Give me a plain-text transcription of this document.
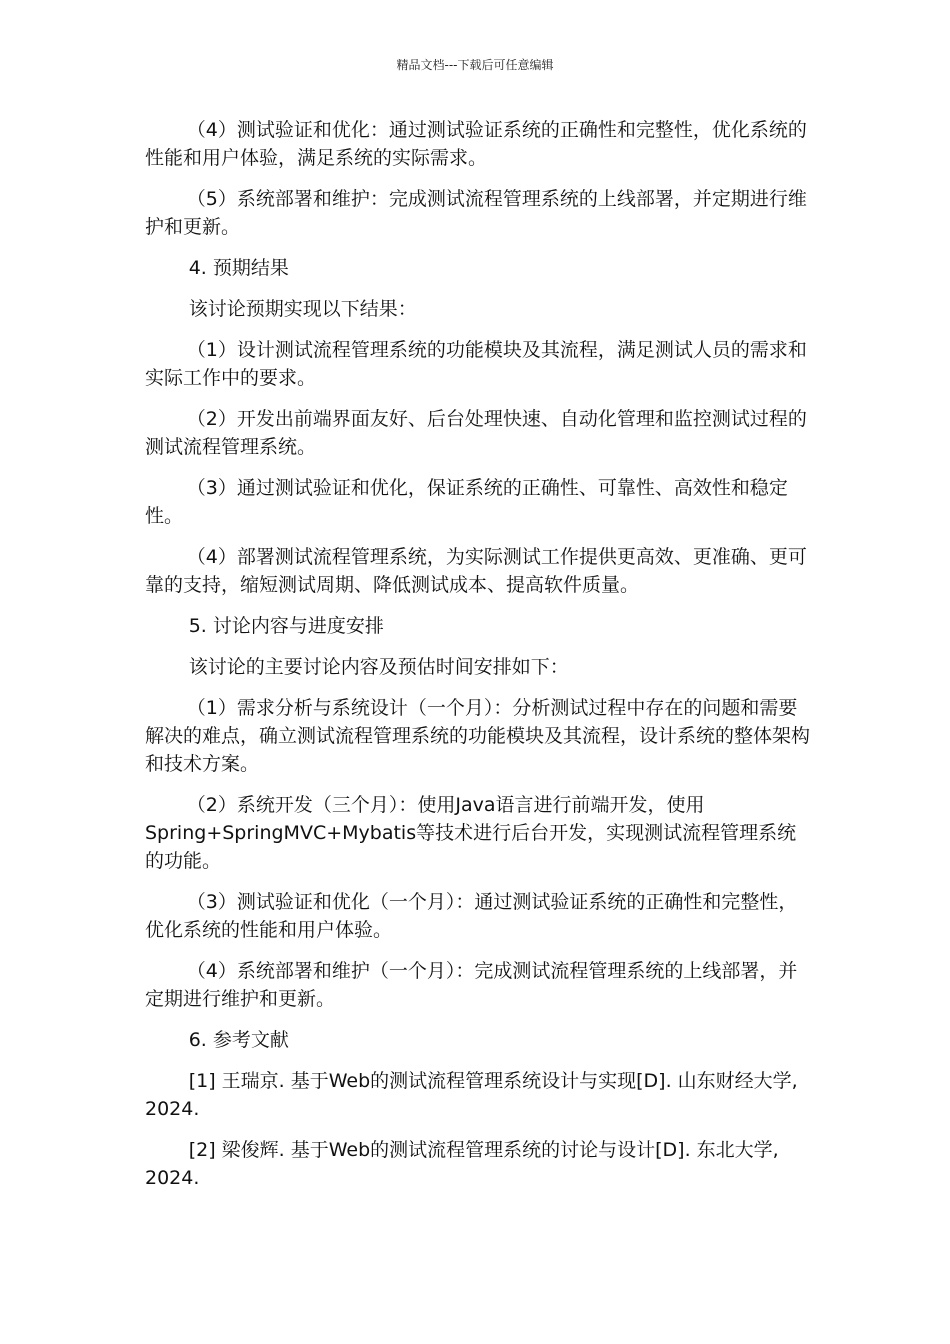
精品文档---下载后可任意编辑

（4）测试验证和优化：通过测试验证系统的正确性和完整性，优化系统的性能和用户体验，满足系统的实际需求。

（5）系统部署和维护：完成测试流程管理系统的上线部署，并定期进行维护和更新。

4. 预期结果

该讨论预期实现以下结果：

（1）设计测试流程管理系统的功能模块及其流程，满足测试人员的需求和实际工作中的要求。

（2）开发出前端界面友好、后台处理快速、自动化管理和监控测试过程的测试流程管理系统。

（3）通过测试验证和优化，保证系统的正确性、可靠性、高效性和稳定性。

（4）部署测试流程管理系统，为实际测试工作提供更高效、更准确、更可靠的支持，缩短测试周期、降低测试成本、提高软件质量。

5. 讨论内容与进度安排

该讨论的主要讨论内容及预估时间安排如下：

（1）需求分析与系统设计（一个月）：分析测试过程中存在的问题和需要解决的难点，确立测试流程管理系统的功能模块及其流程，设计系统的整体架构和技术方案。

（2）系统开发（三个月）：使用Java语言进行前端开发，使用Spring+SpringMVC+Mybatis等技术进行后台开发，实现测试流程管理系统的功能。

（3）测试验证和优化（一个月）：通过测试验证系统的正确性和完整性，优化系统的性能和用户体验。

（4）系统部署和维护（一个月）：完成测试流程管理系统的上线部署，并定期进行维护和更新。

6. 参考文献

[1] 王瑞京. 基于Web的测试流程管理系统设计与实现[D]. 山东财经大学, 2024.

[2] 梁俊辉. 基于Web的测试流程管理系统的讨论与设计[D]. 东北大学, 2024.
